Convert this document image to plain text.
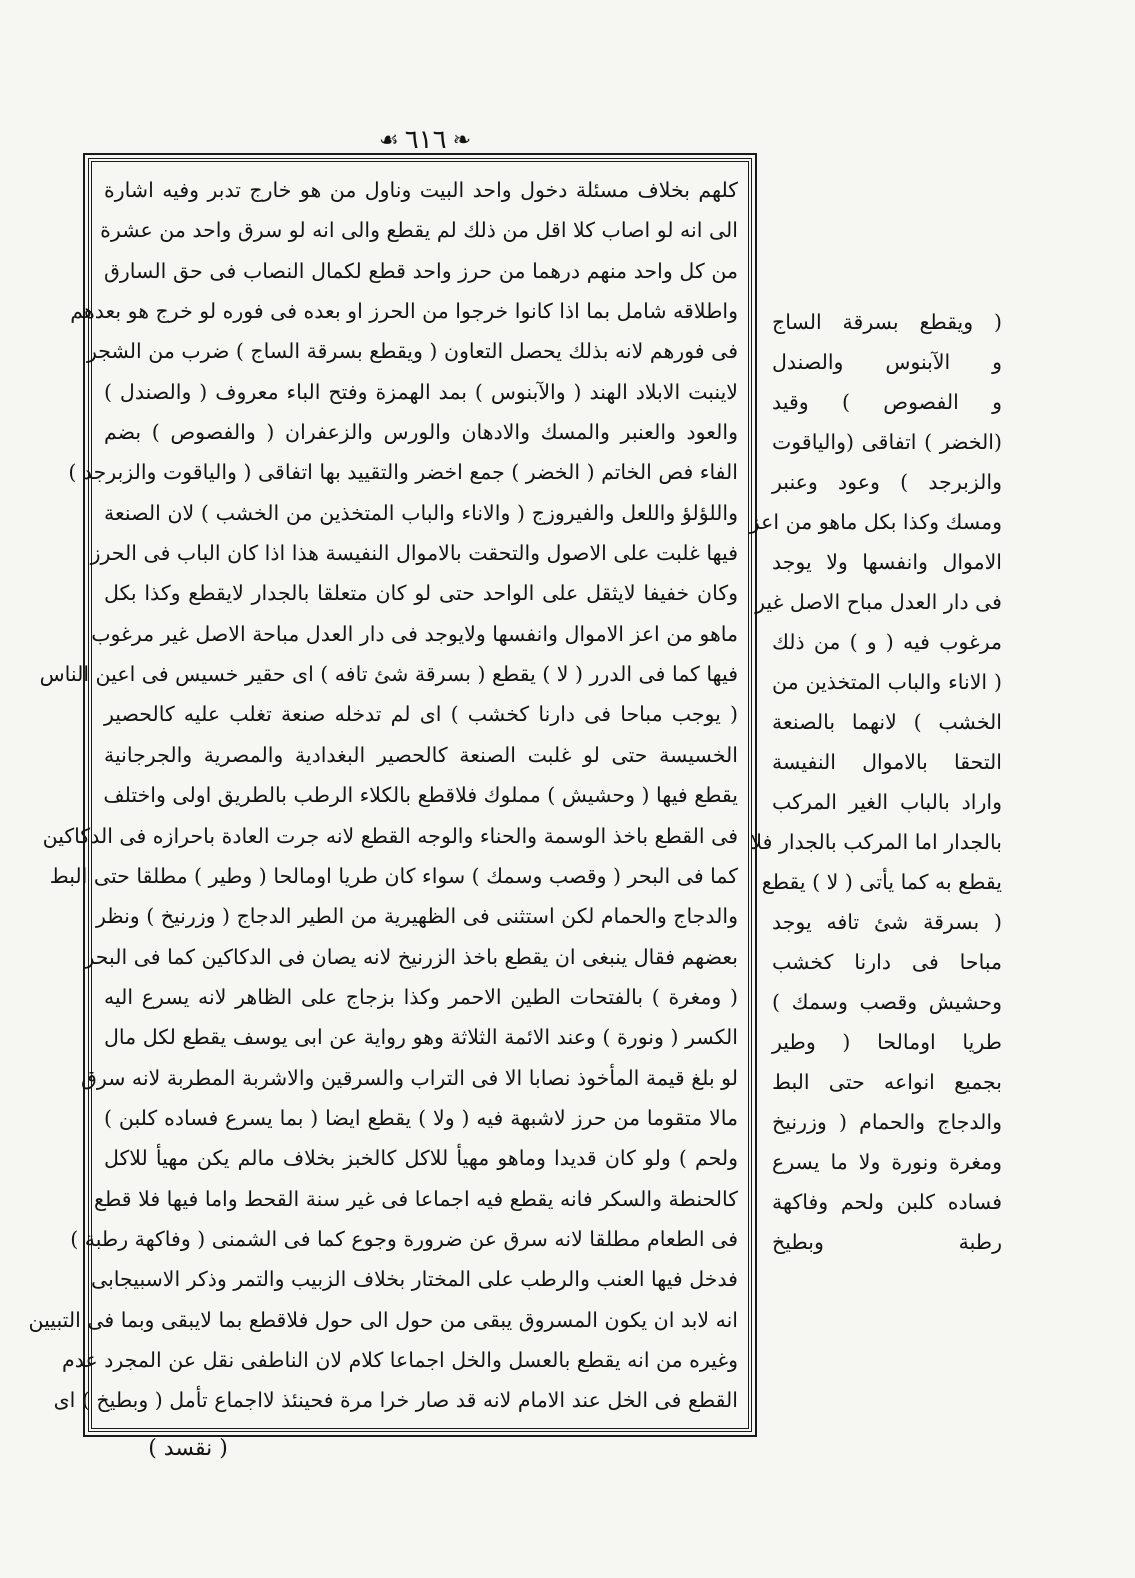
❧
٦١٦
☙
كلهم بخلاف مسئلة دخول واحد البيت وناول من هو خارج تدبر وفيه اشارة
الى انه لو اصاب كلا اقل من ذلك لم يقطع والى انه لو سرق واحد من عشرة
من كل واحد منهم درهما من حرز واحد قطع لكمال النصاب فى حق السارق
واطلاقه شامل بما اذا كانوا خرجوا من الحرز او بعده فى فوره لو خرج هو بعدهم
فى فورهم لانه بذلك يحصل التعاون ( ويقطع بسرقة الساج ) ضرب من الشجر
لاينبت الابلاد الهند ( والآبنوس ) بمد الهمزة وفتح الباء معروف ( والصندل )
والعود والعنبر والمسك والادهان والورس والزعفران ( والفصوص ) بضم
الفاء فص الخاتم ( الخضر ) جمع اخضر والتقييد بها اتفاقى ( والياقوت والزبرجد )
واللؤلؤ واللعل والفيروزج ( والاناء والباب المتخذين من الخشب ) لان الصنعة
فيها غلبت على الاصول والتحقت بالاموال النفيسة هذا اذا كان الباب فى الحرز
وكان خفيفا لايثقل على الواحد حتى لو كان متعلقا بالجدار لايقطع وكذا بكل
ماهو من اعز الاموال وانفسها ولايوجد فى دار العدل مباحة الاصل غير مرغوب
فيها كما فى الدرر ( لا ) يقطع ( بسرقة شئ تافه ) اى حقير خسيس فى اعين الناس
( يوجب مباحا فى دارنا كخشب ) اى لم تدخله صنعة تغلب عليه كالحصير
الخسيسة حتى لو غلبت الصنعة كالحصير البغدادية والمصرية والجرجانية
يقطع فيها ( وحشيش ) مملوك فلاقطع بالكلاء الرطب بالطريق اولى واختلف
فى القطع باخذ الوسمة والحناء والوجه القطع لانه جرت العادة باحرازه فى الدكاكين
كما فى البحر ( وقصب وسمك ) سواء كان طريا اومالحا ( وطير ) مطلقا حتى البط
والدجاج والحمام لكن استثنى فى الظهيرية من الطير الدجاج ( وزرنيخ ) ونظر
بعضهم فقال ينبغى ان يقطع باخذ الزرنيخ لانه يصان فى الدكاكين كما فى البحر
( ومغرة ) بالفتحات الطين الاحمر وكذا بزجاج على الظاهر لانه يسرع اليه
الكسر ( ونورة ) وعند الائمة الثلاثة وهو رواية عن ابى يوسف يقطع لكل مال
لو بلغ قيمة المأخوذ نصابا الا فى التراب والسرقين والاشربة المطربة لانه سرق
مالا متقوما من حرز لاشبهة فيه ( ولا ) يقطع ايضا ( بما يسرع فساده كلبن )
ولحم ) ولو كان قديدا وماهو مهيأ للاكل كالخبز بخلاف مالم يكن مهيأ للاكل
كالحنطة والسكر فانه يقطع فيه اجماعا فى غير سنة القحط واما فيها فلا قطع
فى الطعام مطلقا لانه سرق عن ضرورة وجوع كما فى الشمنى ( وفاكهة رطبة )
فدخل فيها العنب والرطب على المختار بخلاف الزبيب والتمر وذكر الاسبيجابى
انه لابد ان يكون المسروق يبقى من حول الى حول فلاقطع بما لايبقى وبما فى التبيين
وغيره من انه يقطع بالعسل والخل اجماعا كلام لان الناطفى نقل عن المجرد عدم
القطع فى الخل عند الامام لانه قد صار خرا مرة فحينئذ لااجماع تأمل ( وبطيخ ) اى
( ويقطع بسرقة الساج
و الآبنوس والصندل
و الفصوص ) وقيد
(الخضر ) اتفاقى (والياقوت
والزبرجد ) وعود وعنبر
ومسك وكذا بكل ماهو من اعز
الاموال وانفسها ولا يوجد
فى دار العدل مباح الاصل غير
مرغوب فيه ( و ) من ذلك
( الاناء والباب المتخذين من
الخشب ) لانهما بالصنعة
التحقا بالاموال النفيسة
واراد بالباب الغير المركب
بالجدار اما المركب بالجدار فلا
يقطع به كما يأتى ( لا ) يقطع
( بسرقة شئ تافه يوجد
مباحا فى دارنا كخشب
وحشيش وقصب وسمك )
طريا اومالحا ( وطير
بجميع انواعه حتى البط
والدجاج والحمام ( وزرنيخ
ومغرة ونورة ولا ما يسرع
فساده كلبن ولحم وفاكهة
رطبة وبطيخ
( نقسد )
